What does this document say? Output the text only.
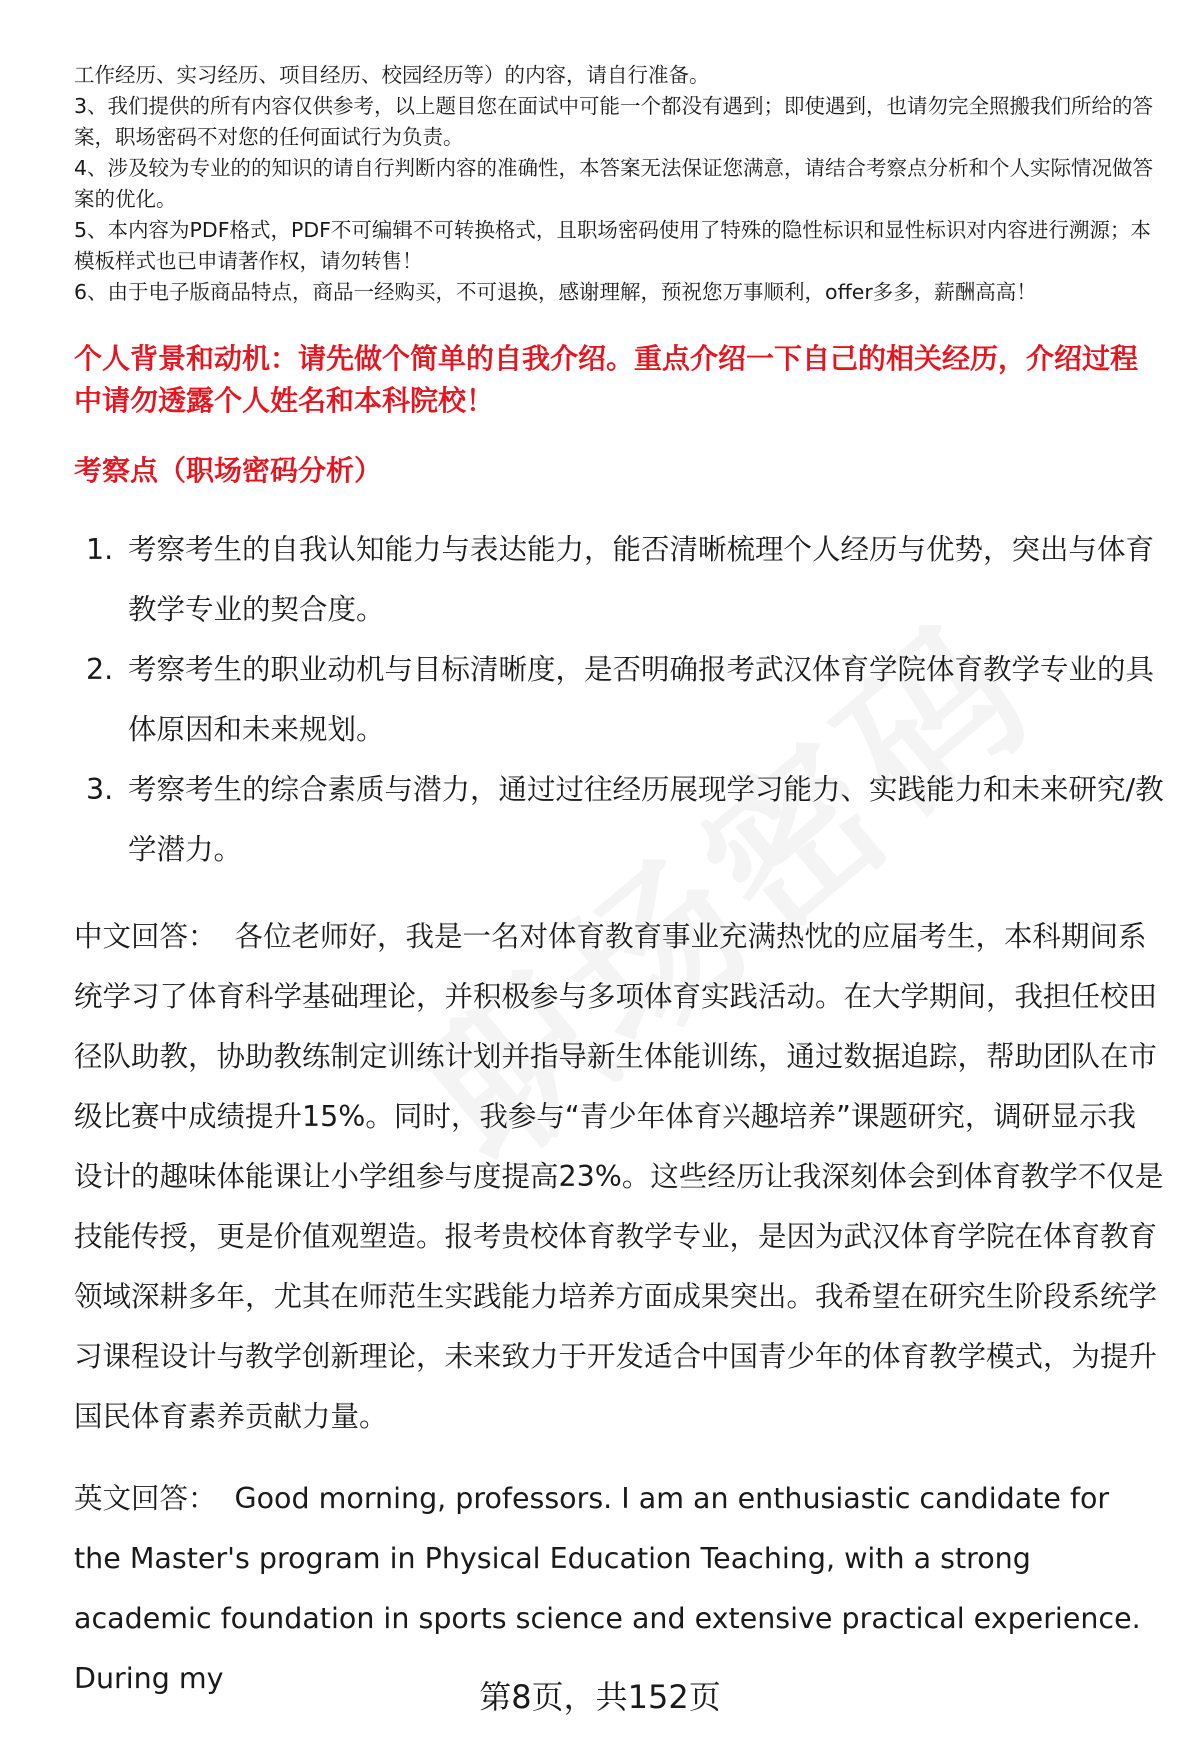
工作经历、实习经历、项目经历、校园经历等）的内容，请自行准备。

3、我们提供的所有内容仅供参考，以上题目您在面试中可能一个都没有遇到；即使遇到，也请勿完全照搬我们所给的答案，职场密码不对您的任何面试行为负责。

4、涉及较为专业的的知识的请自行判断内容的准确性，本答案无法保证您满意，请结合考察点分析和个人实际情况做答案的优化。

5、本内容为PDF格式，PDF不可编辑不可转换格式，且职场密码使用了特殊的隐性标识和显性标识对内容进行溯源；本模板样式也已申请著作权，请勿转售！

6、由于电子版商品特点，商品一经购买，不可退换，感谢理解，预祝您万事顺利，offer多多，薪酬高高！

个人背景和动机：请先做个简单的自我介绍。重点介绍一下自己的相关经历，介绍过程中请勿透露个人姓名和本科院校！
考察点（职场密码分析）
1. 考察考生的自我认知能力与表达能力，能否清晰梳理个人经历与优势，突出与体育教学专业的契合度。
2. 考察考生的职业动机与目标清晰度，是否明确报考武汉体育学院体育教学专业的具体原因和未来规划。
3. 考察考生的综合素质与潜力，通过过往经历展现学习能力、实践能力和未来研究/教学潜力。

中文回答： 各位老师好，我是一名对体育教育事业充满热忱的应届考生，本科期间系统学习了体育科学基础理论，并积极参与多项体育实践活动。在大学期间，我担任校田径队助教，协助教练制定训练计划并指导新生体能训练，通过数据追踪，帮助团队在市级比赛中成绩提升15%。同时，我参与“青少年体育兴趣培养”课题研究，调研显示我设计的趣味体能课让小学组参与度提高23%。这些经历让我深刻体会到体育教学不仅是技能传授，更是价值观塑造。报考贵校体育教学专业，是因为武汉体育学院在体育教育领域深耕多年，尤其在师范生实践能力培养方面成果突出。我希望在研究生阶段系统学习课程设计与教学创新理论，未来致力于开发适合中国青少年的体育教学模式，为提升国民体育素养贡献力量。

英文回答： Good morning, professors. I am an enthusiastic candidate for the Master's program in Physical Education Teaching, with a strong academic foundation in sports science and extensive practical experience. During my	第8页，共152页
